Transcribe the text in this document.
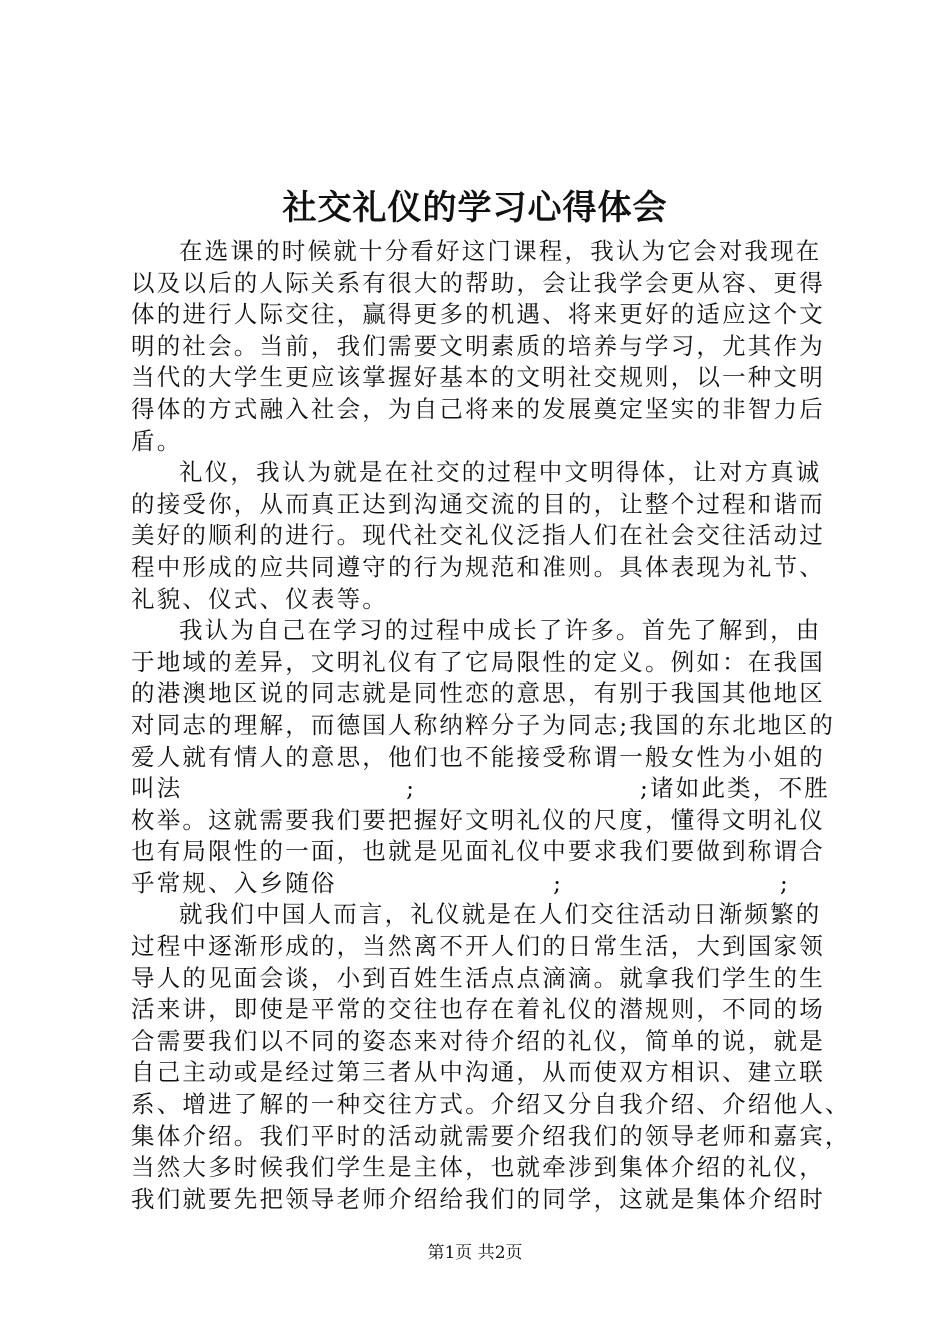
社交礼仪的学习心得体会

在选课的时候就十分看好这门课程，我认为它会对我现在
以及以后的人际关系有很大的帮助，会让我学会更从容、更得
体的进行人际交往，赢得更多的机遇、将来更好的适应这个文
明的社会。当前，我们需要文明素质的培养与学习，尤其作为
当代的大学生更应该掌握好基本的文明社交规则，以一种文明
得体的方式融入社会，为自己将来的发展奠定坚实的非智力后
盾。

礼仪，我认为就是在社交的过程中文明得体，让对方真诚
的接受你，从而真正达到沟通交流的目的，让整个过程和谐而
美好的顺利的进行。现代社交礼仪泛指人们在社会交往活动过
程中形成的应共同遵守的行为规范和准则。具体表现为礼节、
礼貌、仪式、仪表等。

我认为自己在学习的过程中成长了许多。首先了解到，由
于地域的差异，文明礼仪有了它局限性的定义。例如：在我国
的港澳地区说的同志就是同性恋的意思，有别于我国其他地区
对同志的理解，而德国人称纳粹分子为同志;我国的东北地区的
爱人就有情人的意思，他们也不能接受称谓一般女性为小姐的
叫法	;	;诸如此类，不胜
枚举。这就需要我们要把握好文明礼仪的尺度，懂得文明礼仪
也有局限性的一面，也就是见面礼仪中要求我们要做到称谓合
乎常规、入乡随俗	;	;

就我们中国人而言，礼仪就是在人们交往活动日渐频繁的
过程中逐渐形成的，当然离不开人们的日常生活，大到国家领
导人的见面会谈，小到百姓生活点点滴滴。就拿我们学生的生
活来讲，即使是平常的交往也存在着礼仪的潜规则，不同的场
合需要我们以不同的姿态来对待介绍的礼仪，简单的说，就是
自己主动或是经过第三者从中沟通，从而使双方相识、建立联
系、增进了解的一种交往方式。介绍又分自我介绍、介绍他人、
集体介绍。我们平时的活动就需要介绍我们的领导老师和嘉宾，
当然大多时候我们学生是主体，也就牵涉到集体介绍的礼仪，
我们就要先把领导老师介绍给我们的同学，这就是集体介绍时

第1页 共2页
